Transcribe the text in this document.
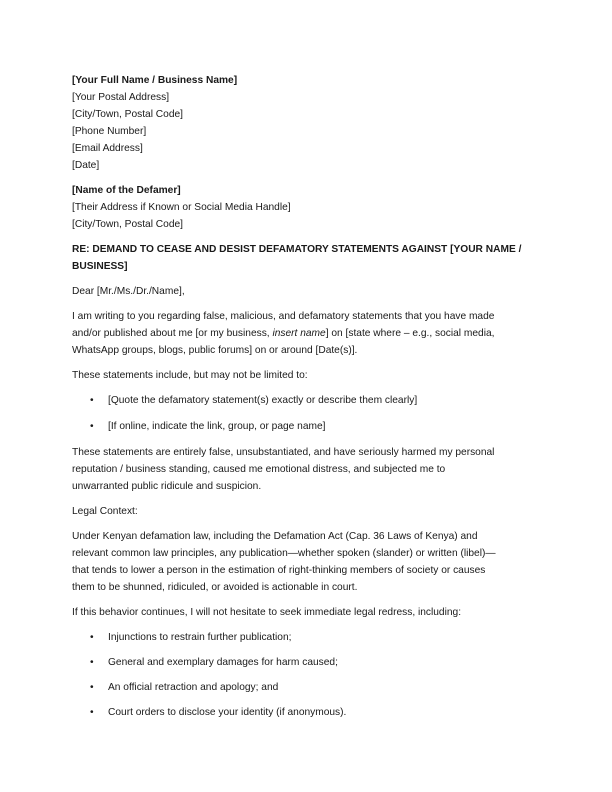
[Your Full Name / Business Name]
[Your Postal Address]
[City/Town, Postal Code]
[Phone Number]
[Email Address]
[Date]
[Name of the Defamer]
[Their Address if Known or Social Media Handle]
[City/Town, Postal Code]
RE: DEMAND TO CEASE AND DESIST DEFAMATORY STATEMENTS AGAINST [YOUR NAME /
BUSINESS]

Dear [Mr./Ms./Dr./Name],

I am writing to you regarding false, malicious, and defamatory statements that you have made
and/or published about me [or my business, insert name] on [state where – e.g., social media,
WhatsApp groups, blogs, public forums] on or around [Date(s)].

These statements include, but may not be limited to:

• [Quote the defamatory statement(s) exactly or describe them clearly]
• [If online, indicate the link, group, or page name]

These statements are entirely false, unsubstantiated, and have seriously harmed my personal
reputation / business standing, caused me emotional distress, and subjected me to
unwarranted public ridicule and suspicion.

Legal Context:

Under Kenyan defamation law, including the Defamation Act (Cap. 36 Laws of Kenya) and
relevant common law principles, any publication—whether spoken (slander) or written (libel)—
that tends to lower a person in the estimation of right-thinking members of society or causes
them to be shunned, ridiculed, or avoided is actionable in court.

If this behavior continues, I will not hesitate to seek immediate legal redress, including:

• Injunctions to restrain further publication;
• General and exemplary damages for harm caused;
• An official retraction and apology; and
• Court orders to disclose your identity (if anonymous).
